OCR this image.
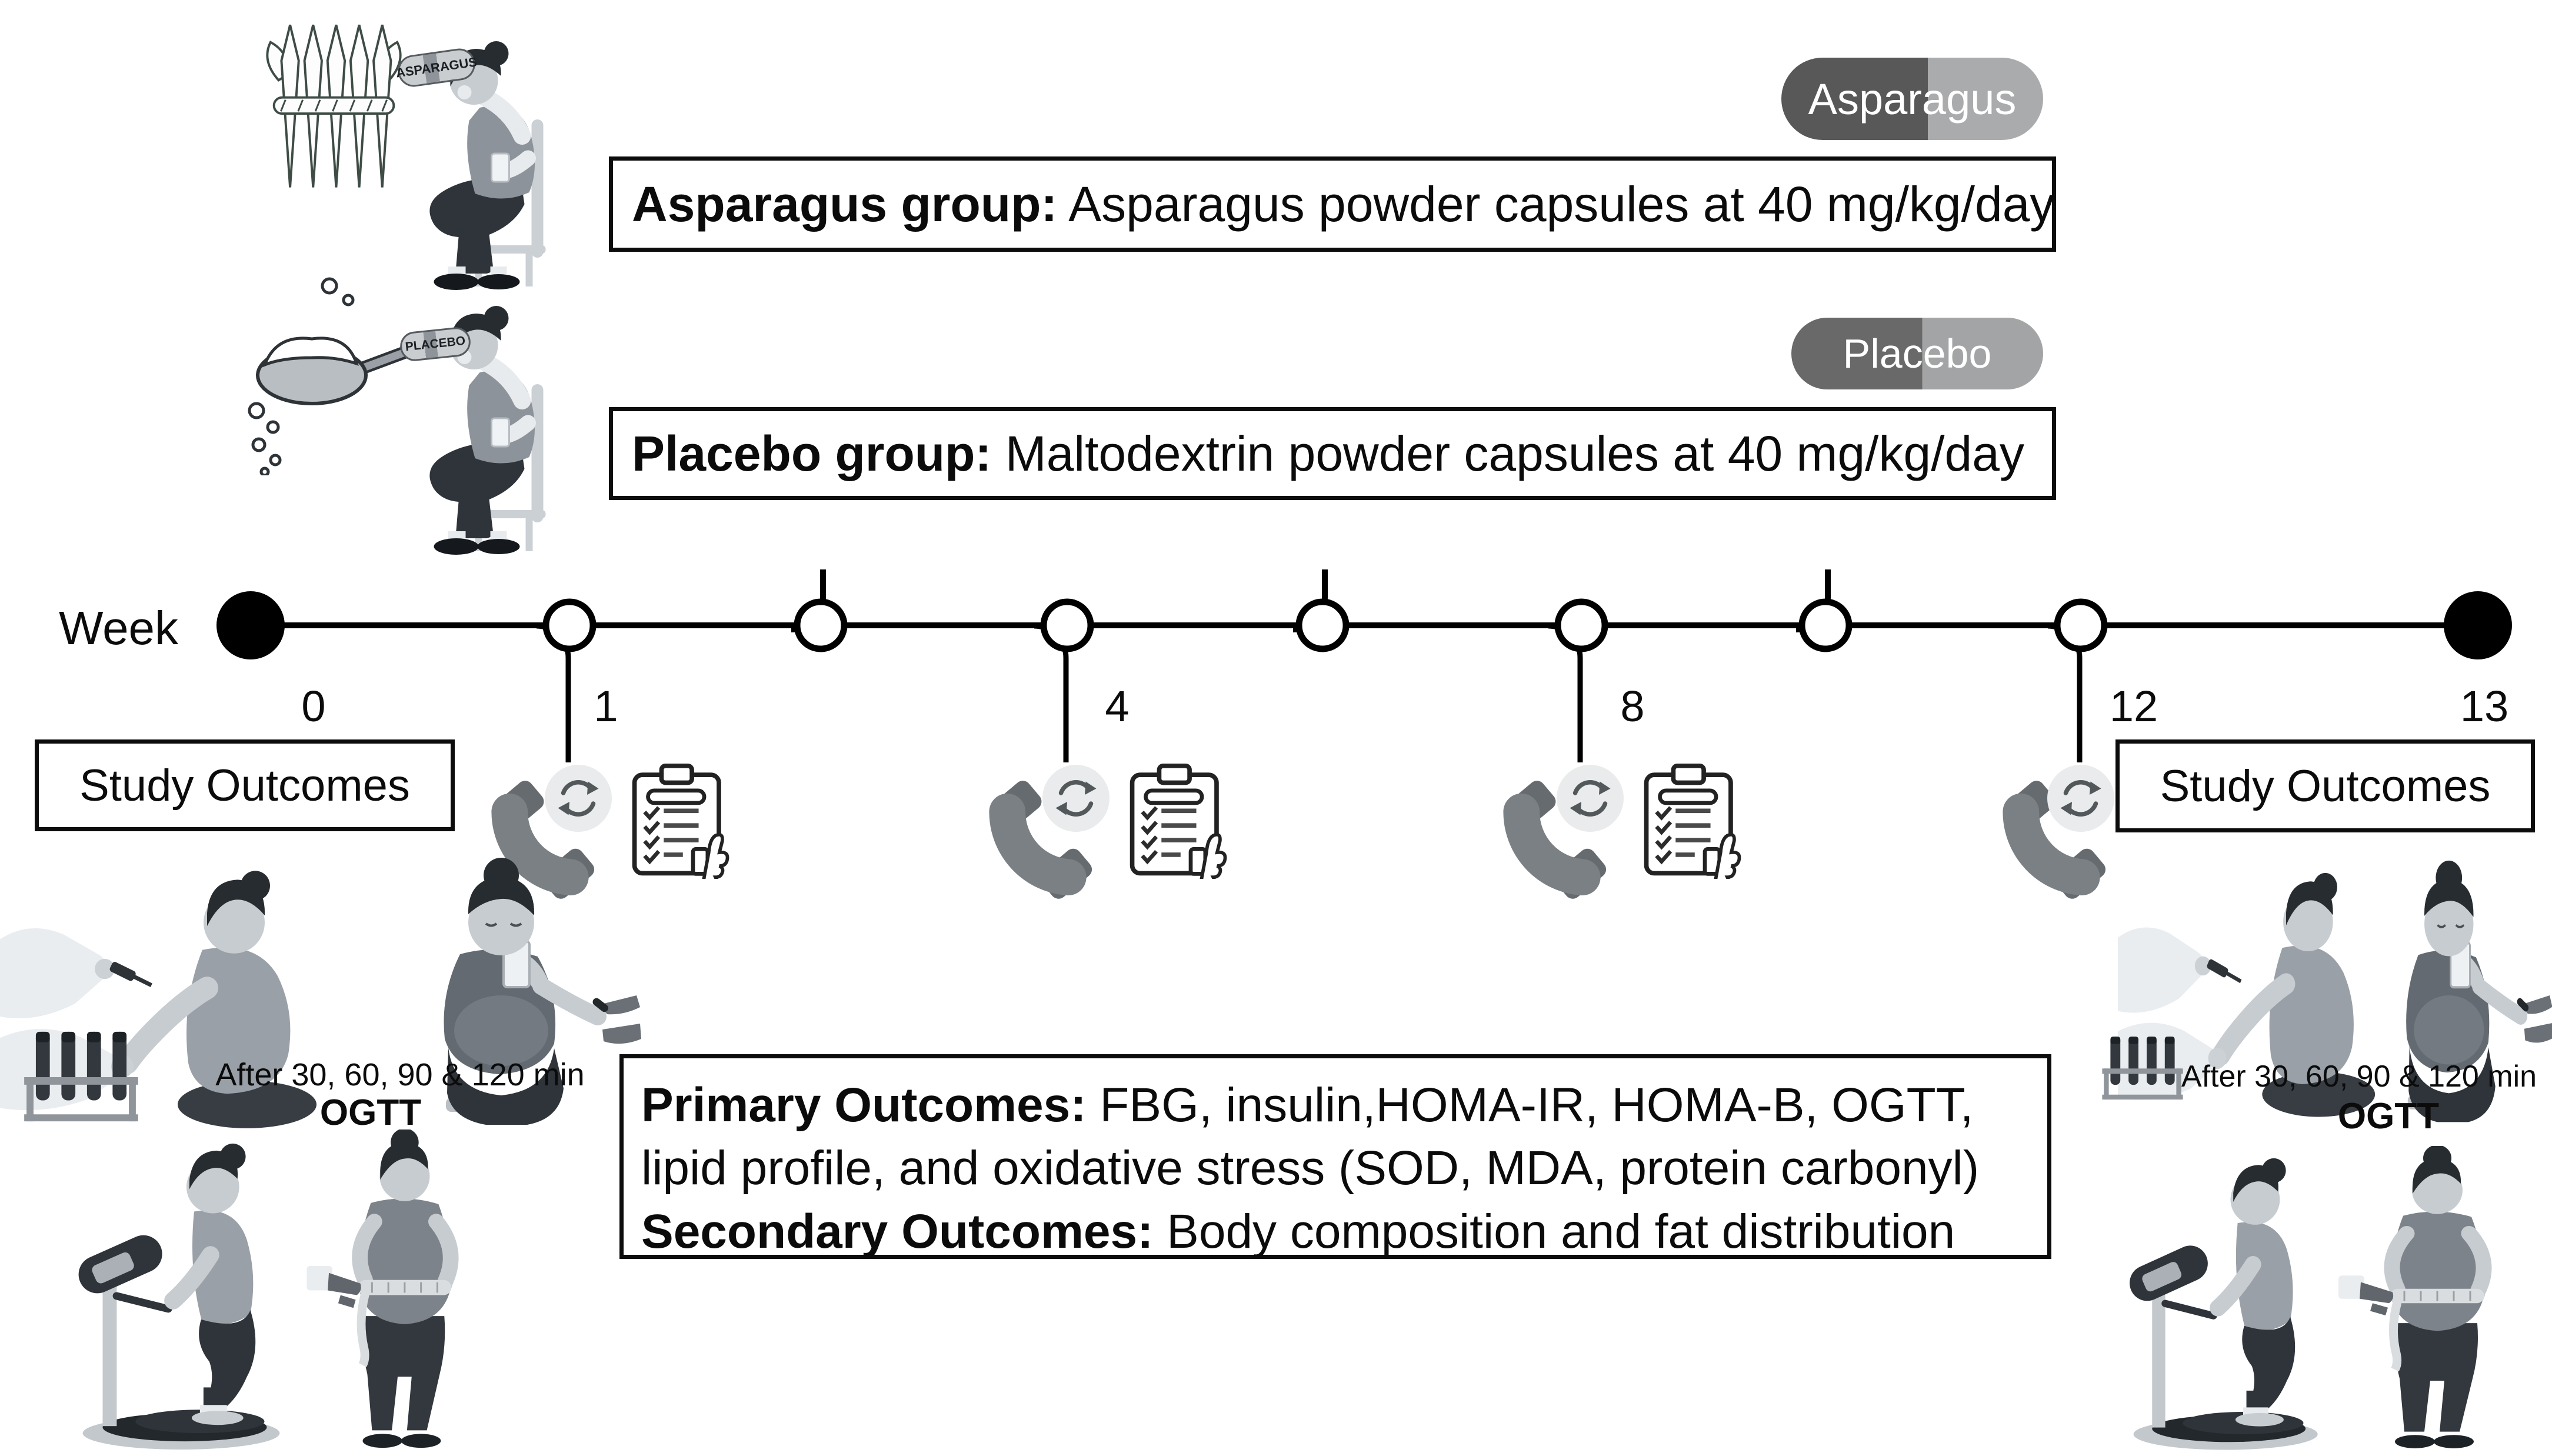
ASPARAGUS
PLACEBO
Asparagus
Asparagus group: Asparagus powder capsules at 40 mg/kg/day
Placebo
Placebo group: Maltodextrin powder capsules at 40 mg/kg/day
Week
0	1	4	8	12	13
Study Outcomes	Study Outcomes
After 30, 60, 90 & 120 min
OGTT	Primary Outcomes: FBG, insulin,HOMA-IR, HOMA-B, OGTT,
lipid profile, and oxidative stress (SOD, MDA, protein carbonyl)
Secondary Outcomes: Body composition and fat distribution
After 30, 60, 90 & 120 min
OGTT
